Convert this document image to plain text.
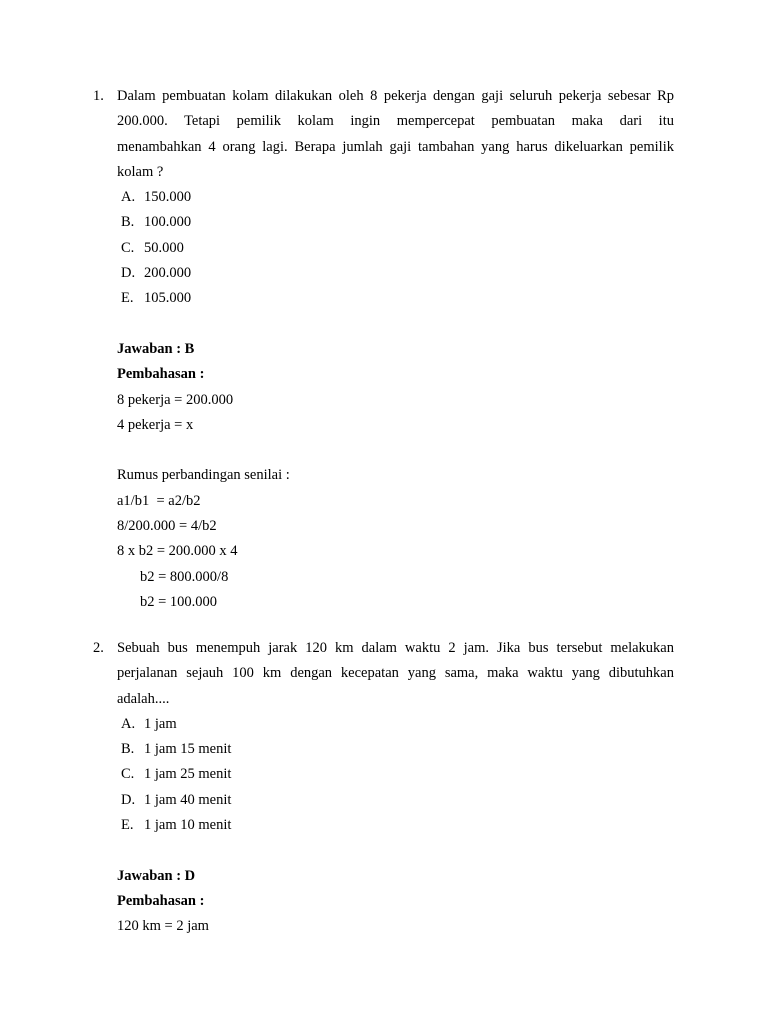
1. Dalam pembuatan kolam dilakukan oleh 8 pekerja dengan gaji seluruh pekerja sebesar Rp
200.000. Tetapi pemilik kolam ingin mempercepat pembuatan maka dari itu
menambahkan 4 orang lagi. Berapa jumlah gaji tambahan yang harus dikeluarkan pemilik
kolam ?
A. 150.000
B. 100.000
C. 50.000
D. 200.000
E. 105.000
Jawaban : B
Pembahasan :
8 pekerja = 200.000
4 pekerja = x
Rumus perbandingan senilai :
a1/b1  = a2/b2
8/200.000 = 4/b2
8 x b2 = 200.000 x 4
b2 = 800.000/8
b2 = 100.000
2. Sebuah bus menempuh jarak 120 km dalam waktu 2 jam. Jika bus tersebut melakukan
perjalanan sejauh 100 km dengan kecepatan yang sama, maka waktu yang dibutuhkan
adalah....
A. 1 jam
B. 1 jam 15 menit
C. 1 jam 25 menit
D. 1 jam 40 menit
E. 1 jam 10 menit
Jawaban : D
Pembahasan :
120 km = 2 jam
